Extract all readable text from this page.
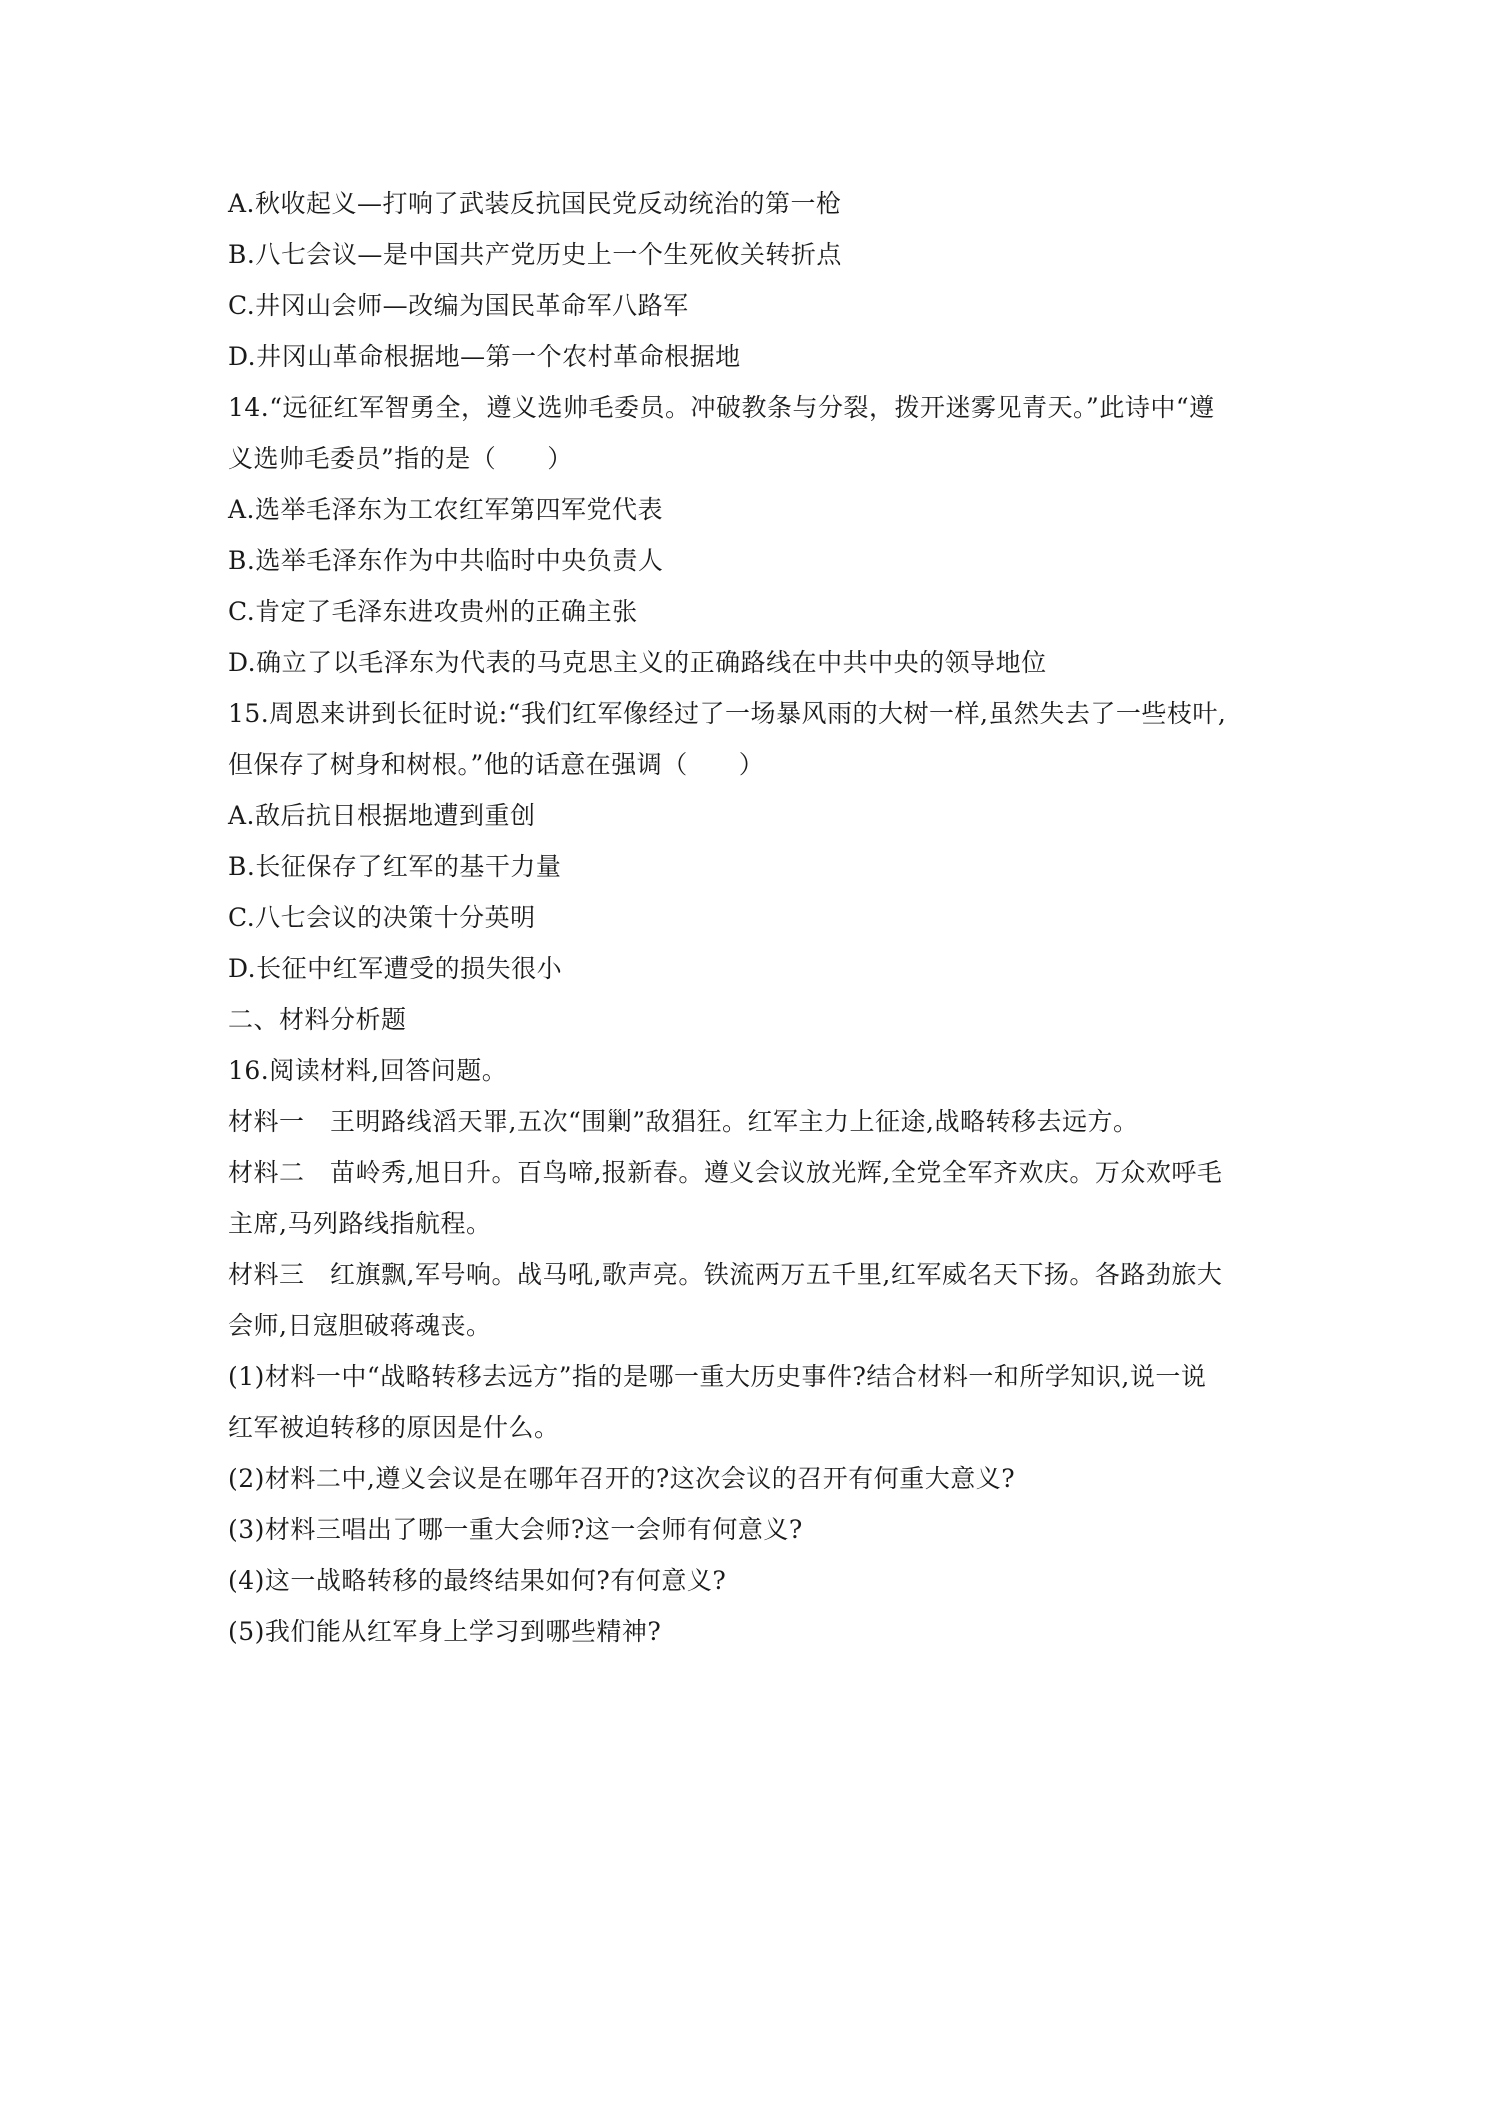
A.秋收起义—打响了武装反抗国民党反动统治的第一枪
B.八七会议—是中国共产党历史上一个生死攸关转折点
C.井冈山会师—改编为国民革命军八路军
D.井冈山革命根据地—第一个农村革命根据地
14.“远征红军智勇全，遵义选帅毛委员。冲破教条与分裂，拨开迷雾见青天。”此诗中“遵
义选帅毛委员”指的是（　　）
A.选举毛泽东为工农红军第四军党代表
B.选举毛泽东作为中共临时中央负责人
C.肯定了毛泽东进攻贵州的正确主张
D.确立了以毛泽东为代表的马克思主义的正确路线在中共中央的领导地位
15.周恩来讲到长征时说:“我们红军像经过了一场暴风雨的大树一样,虽然失去了一些枝叶,
但保存了树身和树根。”他的话意在强调（　　）
A.敌后抗日根据地遭到重创
B.长征保存了红军的基干力量
C.八七会议的决策十分英明
D.长征中红军遭受的损失很小
二、材料分析题
16.阅读材料,回答问题。
材料一　王明路线滔天罪,五次“围剿”敌猖狂。红军主力上征途,战略转移去远方。
材料二　苗岭秀,旭日升。百鸟啼,报新春。遵义会议放光辉,全党全军齐欢庆。万众欢呼毛
主席,马列路线指航程。
材料三　红旗飘,军号响。战马吼,歌声亮。铁流两万五千里,红军威名天下扬。各路劲旅大
会师,日寇胆破蒋魂丧。
(1)材料一中“战略转移去远方”指的是哪一重大历史事件?结合材料一和所学知识,说一说
红军被迫转移的原因是什么。
(2)材料二中,遵义会议是在哪年召开的?这次会议的召开有何重大意义?
(3)材料三唱出了哪一重大会师?这一会师有何意义?
(4)这一战略转移的最终结果如何?有何意义?
(5)我们能从红军身上学习到哪些精神?
